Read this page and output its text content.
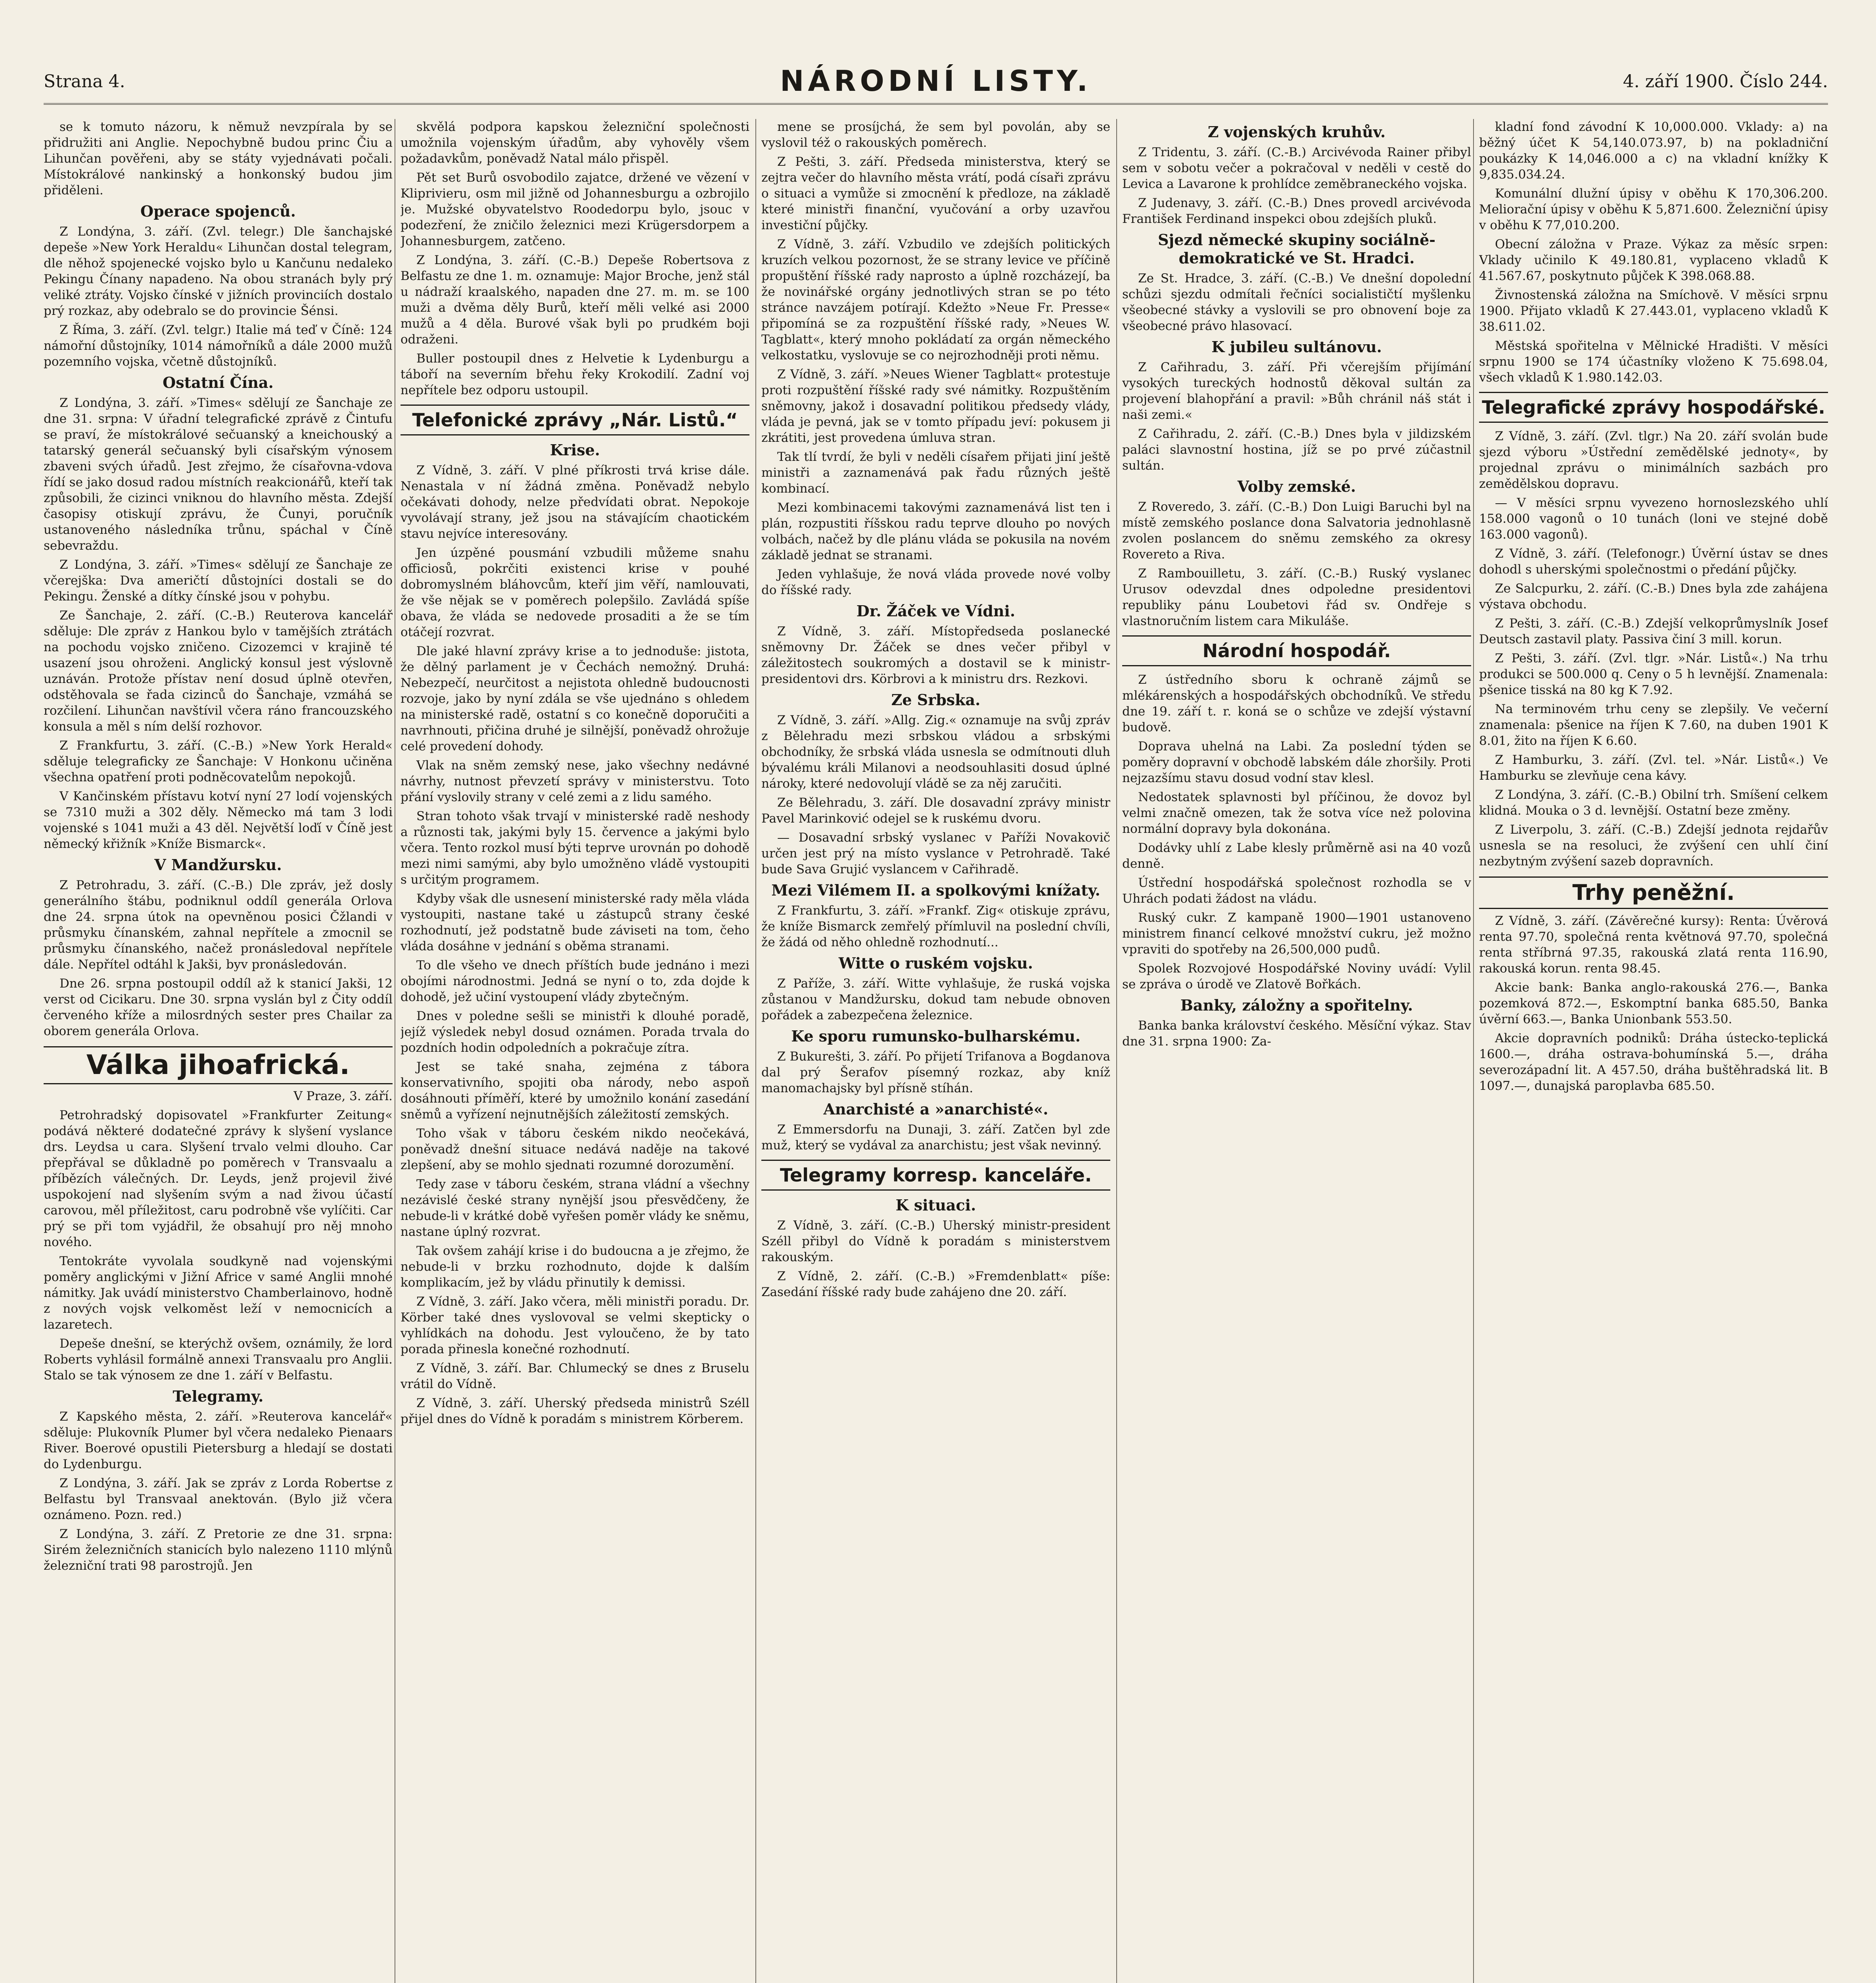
Strana 4.	NÁRODNÍ LISTY.	4. září 1900. Číslo 244.

se k tomuto názoru, k němuž nevzpírala by se přidružiti ani Anglie. Nepochybně budou princ Čiu a Lihunčan pověřeni, aby se státy vyjednávati počali. Místokrálové nankinský a honkonský budou jim přiděleni.

Operace spojenců.

Z Londýna, 3. září. (Zvl. telegr.) Dle šanchajské depeše »New York Heraldu« Lihunčan dostal telegram, dle něhož spojenecké vojsko bylo u Kančunu nedaleko Pekingu Čínany napadeno. Na obou stranách byly prý veliké ztráty. Vojsko čínské v jižních provinciích dostalo prý rozkaz, aby odebralo se do provincie Šénsi.

Z Říma, 3. září. (Zvl. telgr.) Italie má teď v Číně: 124 námořní důstojníky, 1014 námořníků a dále 2000 mužů pozemního vojska, včetně důstojníků.

Ostatní Čína.

Z Londýna, 3. září. »Times« sdělují ze Šanchaje ze dne 31. srpna: V úřadní telegrafické zprávě z Čintufu se praví, že místokrálové sečuanský a kneichouský a tatarský generál sečuanský byli císařským výnosem zbaveni svých úřadů. Jest zřejmo, že císařovna-vdova řídí se jako dosud radou místních reakcionářů, kteří tak způsobili, že cizinci vniknou do hlavního města. Zdejší časopisy otiskují zprávu, že Čunyi, poručník ustanoveného následníka trůnu, spáchal v Číně sebevraždu.

Z Londýna, 3. září. »Times« sdělují ze Šanchaje ze včerejška: Dva američtí důstojníci dostali se do Pekingu. Ženské a dítky čínské jsou v pohybu.

Ze Šanchaje, 2. září. (C.-B.) Reuterova kancelář sděluje: Dle zpráv z Hankou bylo v tamějších ztrátách na pochodu vojsko zničeno. Cizozemci v krajině té usazení jsou ohroženi. Anglický konsul jest výslovně uznáván. Protože přístav není dosud úplně otevřen, odstěhovala se řada cizinců do Šanchaje, vzmáhá se rozčilení. Lihunčan navštívil včera ráno francouzského konsula a měl s ním delší rozhovor.

Z Frankfurtu, 3. září. (C.-B.) »New York Herald« sděluje telegraficky ze Šanchaje: V Honkonu učiněna všechna opatření proti podněcovatelům nepokojů.

V Kančinském přístavu kotví nyní 27 lodí vojenských se 7310 muži a 302 děly. Německo má tam 3 lodi vojenské s 1041 muži a 43 děl. Největší loďí v Číně jest německý křižník »Kníže Bismarck«.

V Mandžursku.

Z Petrohradu, 3. září. (C.-B.) Dle zpráv, jež dosly generálního štábu, podniknul oddíl generála Orlova dne 24. srpna útok na opevněnou posici Čžlandi v průsmyku čínanském, zahnal nepřítele a zmocnil se průsmyku čínanského, načež pronásledoval nepřítele dále. Nepřítel odtáhl k Jakši, byv pronásledován.

Dne 26. srpna postoupil oddíl až k stanicí Jakši, 12 verst od Cicikaru. Dne 30. srpna vyslán byl z Čity oddíl červeného kříže a milosrdných sester pres Chailar za oborem generála Orlova.

Válka jihoafrická.

V Praze, 3. září.

Petrohradský dopisovatel »Frankfurter Zeitung« podává některé dodatečné zprávy k slyšení vyslance drs. Leydsa u cara. Slyšení trvalo velmi dlouho. Car přepřával se důkladně po poměrech v Transvaalu a příbězích válečných. Dr. Leyds, jenž projevil živé uspokojení nad slyšením svým a nad živou účastí carovou, měl příležitost, caru podrobně vše vylíčiti. Car prý se při tom vyjádřil, že obsahují pro něj mnoho nového.

Tentokráte vyvolala soudkyně nad vojenskými poměry anglickými v Jižní Africe v samé Anglii mnohé námitky. Jak uvádí ministerstvo Chamberlainovo, hodně z nových vojsk velkoměst leží v nemocnicích a lazaretech.

Depeše dnešní, se kterýchž ovšem, oznámily, že lord Roberts vyhlásil formálně annexi Transvaalu pro Anglii. Stalo se tak výnosem ze dne 1. září v Belfastu.

Telegramy.

Z Kapského města, 2. září. »Reuterova kancelář« sděluje: Plukovník Plumer byl včera nedaleko Pienaars River. Boerové opustili Pietersburg a hledají se dostati do Lydenburgu.

Z Londýna, 3. září. Jak se zpráv z Lorda Robertse z Belfastu byl Transvaal anektován. (Bylo již včera oznámeno. Pozn. red.)

Z Londýna, 3. září. Z Pretorie ze dne 31. srpna: Sirém železničních stanicích bylo nalezeno 1110 mlýnů železniční trati 98 parostrojů. Jen

skvělá podpora kapskou železniční společnosti umožnila vojenským úřadům, aby vyhověly všem požadavkům, poněvadž Natal málo přispěl.

Pět set Burů osvobodilo zajatce, držené ve vězení v Kliprivieru, osm mil jižně od Johannesburgu a ozbrojilo je. Mužské obyvatelstvo Roodedorpu bylo, jsouc v podezření, že zničilo železnici mezi Krügersdorpem a Johannesburgem, zatčeno.

Z Londýna, 3. září. (C.-B.) Depeše Robertsova z Belfastu ze dne 1. m. oznamuje: Major Broche, jenž stál u nádraží kraalského, napaden dne 27. m. m. se 100 muži a dvěma děly Burů, kteří měli velké asi 2000 mužů a 4 děla. Burové však byli po prudkém boji odraženi.

Buller postoupil dnes z Helvetie k Lydenburgu a táboří na severním břehu řeky Krokodilí. Zadní voj nepřítele bez odporu ustoupil.

Telefonické zprávy „Nár. Listů.“
Krise.

Z Vídně, 3. září. V plné příkrosti trvá krise dále. Nenastala v ní žádná změna. Poněvadž nebylo očekávati dohody, nelze předvídati obrat. Nepokoje vyvolávají strany, jež jsou na stávajícím chaotickém stavu nejvíce interesovány.

Jen úzpěné pousmání vzbudili můžeme snahu officiosů, pokrčiti existenci krise v pouhé dobromyslném bláhovcům, kteří jim věří, namlouvati, že vše nějak se v poměrech polepšilo. Zavládá spíše obava, že vláda se nedovede prosaditi a že se tím otáčejí rozvrat.

Dle jaké hlavní zprávy krise a to jednoduše: jistota, že dělný parlament je v Čechách nemožný. Druhá: Nebezpečí, neurčitost a nejistota ohledně budoucnosti rozvoje, jako by nyní zdála se vše ujednáno s ohledem na ministerské radě, ostatní s co konečně doporučiti a navrhnouti, přičina druhé je silnější, poněvadž ohrožuje celé provedení dohody.

Vlak na sněm zemský nese, jako všechny nedávné návrhy, nutnost převzetí správy v ministerstvu. Toto přání vyslovily strany v celé zemi a z lidu samého.

Stran tohoto však trvají v ministerské radě neshody a různosti tak, jakými byly 15. července a jakými bylo včera. Tento rozkol musí býti teprve urovnán po dohodě mezi nimi samými, aby bylo umožněno vládě vystoupiti s určitým programem.

Kdyby však dle usnesení ministerské rady měla vláda vystoupiti, nastane také u zástupců strany české rozhodnutí, jež podstatně bude záviseti na tom, čeho vláda dosáhne v jednání s oběma stranami.

To dle všeho ve dnech příštích bude jednáno i mezi obojími národnostmi. Jedná se nyní o to, zda dojde k dohodě, jež učiní vystoupení vlády zbytečným.

Dnes v poledne sešli se ministři k dlouhé poradě, jejíž výsledek nebyl dosud oznámen. Porada trvala do pozdních hodin odpoledních a pokračuje zítra.

Jest se také snaha, zejména z tábora konservativního, spojiti oba národy, nebo aspoň dosáhnouti příměří, které by umožnilo konání zasedání sněmů a vyřízení nejnutnějších záležitostí zemských.

Toho však v táboru českém nikdo neočekává, poněvadž dnešní situace nedává naděje na takové zlepšení, aby se mohlo sjednati rozumné dorozumění.

Tedy zase v táboru českém, strana vládní a všechny nezávislé české strany nynější jsou přesvědčeny, že nebude-li v krátké době vyřešen poměr vlády ke sněmu, nastane úplný rozvrat.

Tak ovšem zahájí krise i do budoucna a je zřejmo, že nebude-li v brzku rozhodnuto, dojde k dalším komplikacím, jež by vládu přinutily k demissi.

Z Vídně, 3. září. Jako včera, měli ministři poradu. Dr. Körber také dnes vyslovoval se velmi skepticky o vyhlídkách na dohodu. Jest vyloučeno, že by tato porada přinesla konečné rozhodnutí.

Z Vídně, 3. září. Bar. Chlumecký se dnes z Bruselu vrátil do Vídně.

Z Vídně, 3. září. Uherský předseda ministrů Széll přijel dnes do Vídně k poradám s ministrem Körberem.

mene se prosíjchá, že sem byl povolán, aby se vyslovil též o rakouských poměrech.

Z Pešti, 3. září. Předseda ministerstva, který se zejtra večer do hlavního města vrátí, podá císaři zprávu o situaci a vymůže si zmocnění k předloze, na základě které ministři finanční, vyučování a orby uzavřou investiční půjčky.

Z Vídně, 3. září. Vzbudilo ve zdejších politických kruzích velkou pozornost, že se strany levice ve příčině propuštění říšské rady naprosto a úplně rozcházejí, ba že novinářské orgány jednotlivých stran se po této stránce navzájem potírají. Kdežto »Neue Fr. Presse« připomíná se za rozpuštění říšské rady, »Neues W. Tagblatt«, který mnoho pokládatí za orgán německého velkostatku, vyslovuje se co nejrozhodněji proti němu.

Z Vídně, 3. září. »Neues Wiener Tagblatt« protestuje proti rozpuštění říšské rady své námitky. Rozpuštěním sněmovny, jakož i dosavadní politikou předsedy vlády, vláda je pevná, jak se v tomto případu jeví: pokusem ji zkrátiti, jest provedena úmluva stran.

Tak tlí tvrdí, že byli v neděli císařem přijati jiní ještě ministři a zaznamenává pak řadu různých ještě kombinací.

Mezi kombinacemi takovými zaznamenává list ten i plán, rozpustiti říšskou radu teprve dlouho po nových volbách, načež by dle plánu vláda se pokusila na novém základě jednat se stranami.

Jeden vyhlašuje, že nová vláda provede nové volby do říšské rady.

Dr. Žáček ve Vídni.

Z Vídně, 3. září. Místopředseda poslanecké sněmovny Dr. Žáček se dnes večer přibyl v záležitostech soukromých a dostavil se k ministr-presidentovi drs. Körbrovi a k ministru drs. Rezkovi.

Ze Srbska.

Z Vídně, 3. září. »Allg. Zig.« oznamuje na svůj zpráv z Bělehradu mezi srbskou vládou a srbskými obchodníky, že srbská vláda usnesla se odmítnouti dluh bývalému králi Milanovi a neodsouhlasiti dosud úplné nároky, které nedovolují vládě se za něj zaručiti.

Ze Bělehradu, 3. září. Dle dosavadní zprávy ministr Pavel Marinković odejel se k ruskému dvoru.

— Dosavadní srbský vyslanec v Paříži Novakovič určen jest prý na místo vyslance v Petrohradě. Také bude Sava Grujić vyslancem v Cařihradě.

Mezi Vilémem II. a spolkovými knížaty.

Z Frankfurtu, 3. září. »Frankf. Zig« otiskuje zprávu, že kníže Bismarck zemřelý přímluvil na poslední chvíli, že žádá od něho ohledně rozhodnutí...

Witte o ruském vojsku.

Z Paříže, 3. září. Witte vyhlašuje, že ruská vojska zůstanou v Mandžursku, dokud tam nebude obnoven pořádek a zabezpečena železnice.

Ke sporu rumunsko-bulharskému.

Z Bukurešti, 3. září. Po přijetí Trifanova a Bogdanova dal prý Šerafov písemný rozkaz, aby kníž manomachajsky byl přísně stíhán.

Anarchisté a »anarchisté«.

Z Emmersdorfu na Dunaji, 3. září. Zatčen byl zde muž, který se vydával za anarchistu; jest však nevinný.

Telegramy korresp. kanceláře.
K situaci.

Z Vídně, 3. září. (C.-B.) Uherský ministr-president Széll přibyl do Vídně k poradám s ministerstvem rakouským.

Z Vídně, 2. září. (C.-B.) »Fremdenblatt« píše: Zasedání říšské rady bude zahájeno dne 20. září.

Z vojenských kruhův.

Z Tridentu, 3. září. (C.-B.) Arcivévoda Rainer přibyl sem v sobotu večer a pokračoval v neděli v cestě do Levica a Lavarone k prohlídce zeměbraneckého vojska.

Z Judenavy, 3. září. (C.-B.) Dnes provedl arcivévoda František Ferdinand inspekci obou zdejších pluků.

Sjezd německé skupiny sociálně-demokratické ve St. Hradci.

Ze St. Hradce, 3. září. (C.-B.) Ve dnešní dopolední schůzi sjezdu odmítali řečníci socialističtí myšlenku všeobecné stávky a vyslovili se pro obnovení boje za všeobecné právo hlasovací.

K jubileu sultánovu.

Z Cařihradu, 3. září. Při včerejším přijímání vysokých tureckých hodnostů děkoval sultán za projevení blahopřání a pravil: »Bůh chránil náš stát i naši zemi.«

Z Cařihradu, 2. září. (C.-B.) Dnes byla v jildizském paláci slavnostní hostina, jíž se po prvé zúčastnil sultán.

Volby zemské.

Z Roveredo, 3. září. (C.-B.) Don Luigi Baruchi byl na místě zemského poslance dona Salvatoria jednohlasně zvolen poslancem do sněmu zemského za okresy Rovereto a Riva.

Z Rambouilletu, 3. září. (C.-B.) Ruský vyslanec Urusov odevzdal dnes odpoledne presidentovi republiky pánu Loubetovi řád sv. Ondřeje s vlastnoručním listem cara Mikuláše.

Národní hospodář.

Z ústředního sboru k ochraně zájmů se mlékárenských a hospodářských obchodníků. Ve středu dne 19. září t. r. koná se o schůze ve zdejší výstavní budově.

Doprava uhelná na Labi. Za poslední týden se poměry dopravní v obchodě labském dále zhoršily. Proti nejzazšímu stavu dosud vodní stav klesl.

Nedostatek splavnosti byl příčinou, že dovoz byl velmi značně omezen, tak že sotva více než polovina normální dopravy byla dokonána.

Dodávky uhlí z Labe klesly průměrně asi na 40 vozů denně.

Ústřední hospodářská společnost rozhodla se v Uhrách podati žádost na vládu.

Ruský cukr. Z kampaně 1900—1901 ustanoveno ministrem financí celkové množství cukru, jež možno vpraviti do spotřeby na 26,500,000 pudů.

Spolek Rozvojové Hospodářské Noviny uvádí: Vylil se zpráva o úrodě ve Zlatově Bořkách.

Banky, záložny a spořitelny.

Banka banka království českého. Měsíční výkaz. Stav dne 31. srpna 1900: Za-

kladní fond závodní K 10,000.000. Vklady: a) na běžný účet K 54,140.073.97, b) na pokladniční poukázky K 14,046.000 a c) na vkladní knížky K 9,835.034.24.

Komunální dlužní úpisy v oběhu K 170,306.200. Meliorační úpisy v oběhu K 5,871.600. Železniční úpisy v oběhu K 77,010.200.

Obecní záložna v Praze. Výkaz za měsíc srpen: Vklady učinilo K 49.180.81, vyplaceno vkladů K 41.567.67, poskytnuto půjček K 398.068.88.

Živnostenská záložna na Smíchově. V měsíci srpnu 1900. Přijato vkladů K 27.443.01, vyplaceno vkladů K 38.611.02.

Městská spořitelna v Mělnické Hradišti. V měsíci srpnu 1900 se 174 účastníky vloženo K 75.698.04, všech vkladů K 1.980.142.03.

Telegrafické zprávy hospodářské.

Z Vídně, 3. září. (Zvl. tlgr.) Na 20. září svolán bude sjezd výboru »Ústřední zemědělské jednoty«, by projednal zprávu o minimálních sazbách pro zemědělskou dopravu.

— V měsíci srpnu vyvezeno hornoslezského uhlí 158.000 vagonů o 10 tunách (loni ve stejné době 163.000 vagonů).

Z Vídně, 3. září. (Telefonogr.) Úvěrní ústav se dnes dohodl s uherskými společnostmi o předání půjčky.

Ze Salcpurku, 2. září. (C.-B.) Dnes byla zde zahájena výstava obchodu.

Z Pešti, 3. září. (C.-B.) Zdejší velkoprůmyslník Josef Deutsch zastavil platy. Passiva činí 3 mill. korun.

Z Pešti, 3. září. (Zvl. tlgr. »Nár. Listů«.) Na trhu produkci se 500.000 q. Ceny o 5 h levnější. Znamenala: pšenice tisská na 80 kg K 7.92.

Na terminovém trhu ceny se zlepšily. Ve večerní znamenala: pšenice na říjen K 7.60, na duben 1901 K 8.01, žito na říjen K 6.60.

Z Hamburku, 3. září. (Zvl. tel. »Nár. Listů«.) Ve Hamburku se zlevňuje cena kávy.

Z Londýna, 3. září. (C.-B.) Obilní trh. Smíšení celkem klidná. Mouka o 3 d. levnější. Ostatní beze změny.

Z Liverpolu, 3. září. (C.-B.) Zdejší jednota rejdařův usnesla se na resoluci, že zvýšení cen uhlí činí nezbytným zvýšení sazeb dopravních.

Trhy peněžní.

Z Vídně, 3. září. (Závěrečné kursy): Renta: Úvěrová renta 97.70, společná renta květnová 97.70, společná renta stříbrná 97.35, rakouská zlatá renta 116.90, rakouská korun. renta 98.45.

Akcie bank: Banka anglo-rakouská 276.—, Banka pozemková 872.—, Eskomptní banka 685.50, Banka úvěrní 663.—, Banka Unionbank 553.50.

Akcie dopravních podniků: Dráha ústecko-teplická 1600.—, dráha ostrava-bohumínská 5.—, dráha severozápadní lit. A 457.50, dráha buštěhradská lit. B 1097.—, dunajská paroplavba 685.50.
